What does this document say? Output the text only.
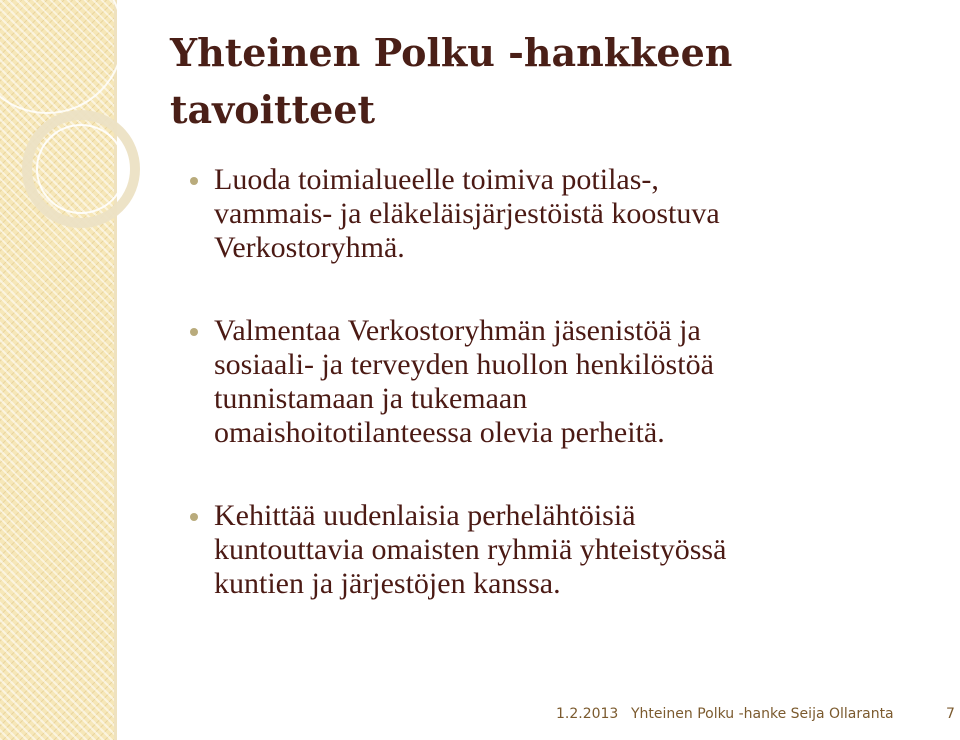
Yhteinen Polku -hankkeen tavoitteet
Luoda toimialueelle toimiva potilas-,
vammais- ja eläkeläisjärjestöistä koostuva
Verkostoryhmä.
Valmentaa Verkostoryhmän jäsenistöä ja
sosiaali- ja terveyden huollon henkilöstöä
tunnistamaan ja tukemaan
omaishoitotilanteessa olevia perheitä.
Kehittää uudenlaisia perhelähtöisiä
kuntouttavia omaisten ryhmiä yhteistyössä
kuntien ja järjestöjen kanssa.
1.2.2013 Yhteinen Polku -hanke Seija Ollaranta	7
